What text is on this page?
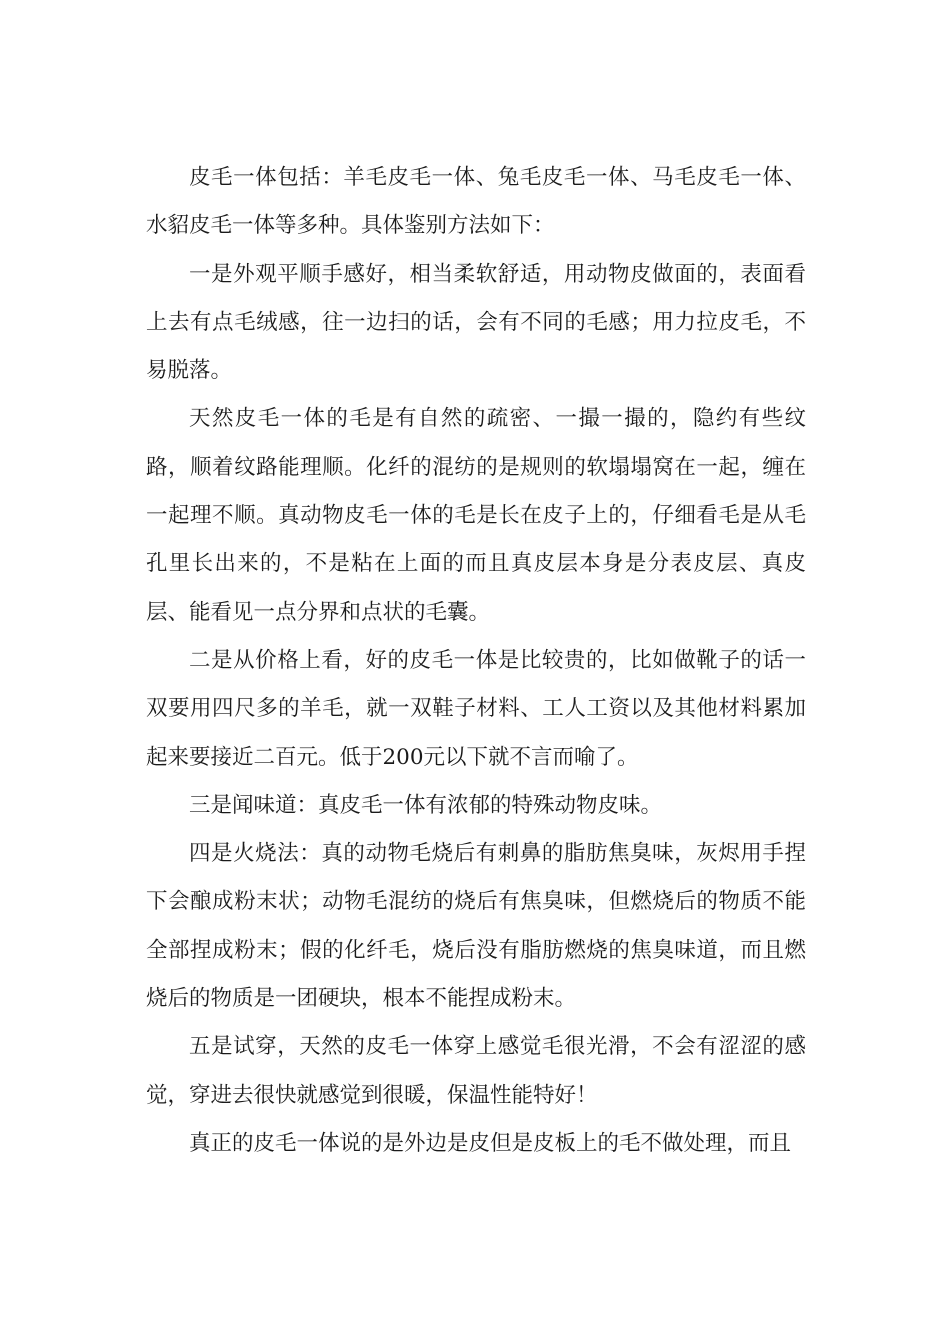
皮毛一体包括：羊毛皮毛一体、兔毛皮毛一体、马毛皮毛一体、水貂皮毛一体等多种。具体鉴别方法如下：

一是外观平顺手感好，相当柔软舒适，用动物皮做面的，表面看上去有点毛绒感，往一边扫的话，会有不同的毛感；用力拉皮毛，不易脱落。

天然皮毛一体的毛是有自然的疏密、一撮一撮的，隐约有些纹路，顺着纹路能理顺。化纤的混纺的是规则的软塌塌窝在一起，缠在一起理不顺。真动物皮毛一体的毛是长在皮子上的，仔细看毛是从毛孔里长出来的，不是粘在上面的而且真皮层本身是分表皮层、真皮层、能看见一点分界和点状的毛囊。

二是从价格上看，好的皮毛一体是比较贵的，比如做靴子的话一双要用四尺多的羊毛，就一双鞋子材料、工人工资以及其他材料累加起来要接近二百元。低于200元以下就不言而喻了。

三是闻味道：真皮毛一体有浓郁的特殊动物皮味。

四是火烧法：真的动物毛烧后有刺鼻的脂肪焦臭味，灰烬用手捏下会酿成粉末状；动物毛混纺的烧后有焦臭味，但燃烧后的物质不能全部捏成粉末；假的化纤毛，烧后没有脂肪燃烧的焦臭味道，而且燃烧后的物质是一团硬块，根本不能捏成粉末。

五是试穿，天然的皮毛一体穿上感觉毛很光滑，不会有涩涩的感觉，穿进去很快就感觉到很暖，保温性能特好！

真正的皮毛一体说的是外边是皮但是皮板上的毛不做处理，而且
